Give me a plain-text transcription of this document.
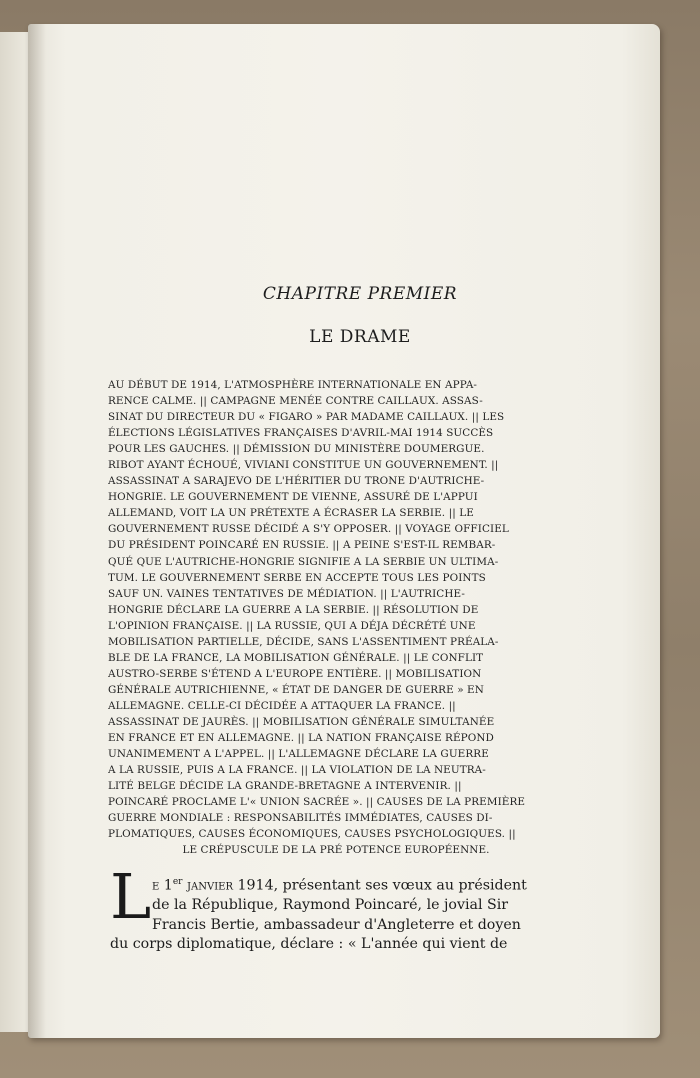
CHAPITRE PREMIER
LE DRAME
AU DÉBUT DE 1914, L'ATMOSPHÈRE INTERNATIONALE EN APPA-
RENCE CALME. || CAMPAGNE MENÉE CONTRE CAILLAUX. ASSAS-
SINAT DU DIRECTEUR DU « FIGARO » PAR MADAME CAILLAUX. || LES
ÉLECTIONS LÉGISLATIVES FRANÇAISES D'AVRIL-MAI 1914 SUCCÈS
POUR LES GAUCHES. || DÉMISSION DU MINISTÈRE DOUMERGUE.
RIBOT AYANT ÉCHOUÉ, VIVIANI CONSTITUE UN GOUVERNEMENT. ||
ASSASSINAT A SARAJEVO DE L'HÉRITIER DU TRONE D'AUTRICHE-
HONGRIE. LE GOUVERNEMENT DE VIENNE, ASSURÉ DE L'APPUI
ALLEMAND, VOIT LA UN PRÉTEXTE A ÉCRASER LA SERBIE. || LE
GOUVERNEMENT RUSSE DÉCIDÉ A S'Y OPPOSER. || VOYAGE OFFICIEL
DU PRÉSIDENT POINCARÉ EN RUSSIE. || A PEINE S'EST-IL REMBAR-
QUÉ QUE L'AUTRICHE-HONGRIE SIGNIFIE A LA SERBIE UN ULTIMA-
TUM. LE GOUVERNEMENT SERBE EN ACCEPTE TOUS LES POINTS
SAUF UN. VAINES TENTATIVES DE MÉDIATION. || L'AUTRICHE-
HONGRIE DÉCLARE LA GUERRE A LA SERBIE. || RÉSOLUTION DE
L'OPINION FRANÇAISE. || LA RUSSIE, QUI A DÉJA DÉCRÉTÉ UNE
MOBILISATION PARTIELLE, DÉCIDE, SANS L'ASSENTIMENT PRÉALA-
BLE DE LA FRANCE, LA MOBILISATION GÉNÉRALE. || LE CONFLIT
AUSTRO-SERBE S'ÉTEND A L'EUROPE ENTIÈRE. || MOBILISATION
GÉNÉRALE AUTRICHIENNE, « ÉTAT DE DANGER DE GUERRE » EN
ALLEMAGNE. CELLE-CI DÉCIDÉE A ATTAQUER LA FRANCE. ||
ASSASSINAT DE JAURÈS. || MOBILISATION GÉNÉRALE SIMULTANÉE
EN FRANCE ET EN ALLEMAGNE. || LA NATION FRANÇAISE RÉPOND
UNANIMEMENT A L'APPEL. || L'ALLEMAGNE DÉCLARE LA GUERRE
A LA RUSSIE, PUIS A LA FRANCE. || LA VIOLATION DE LA NEUTRA-
LITÉ BELGE DÉCIDE LA GRANDE-BRETAGNE A INTERVENIR. ||
POINCARÉ PROCLAME L'« UNION SACRÉE ». || CAUSES DE LA PREMIÈRE
GUERRE MONDIALE : RESPONSABILITÉS IMMÉDIATES, CAUSES DI-
PLOMATIQUES, CAUSES ÉCONOMIQUES, CAUSES PSYCHOLOGIQUES. ||
LE CRÉPUSCULE DE LA PRÉ POTENCE EUROPÉENNE.
L e 1er janvier 1914, présentant ses vœux au président
de la République, Raymond Poincaré, le jovial Sir
Francis Bertie, ambassadeur d'Angleterre et doyen
du corps diplomatique, déclare : « L'année qui vient de
